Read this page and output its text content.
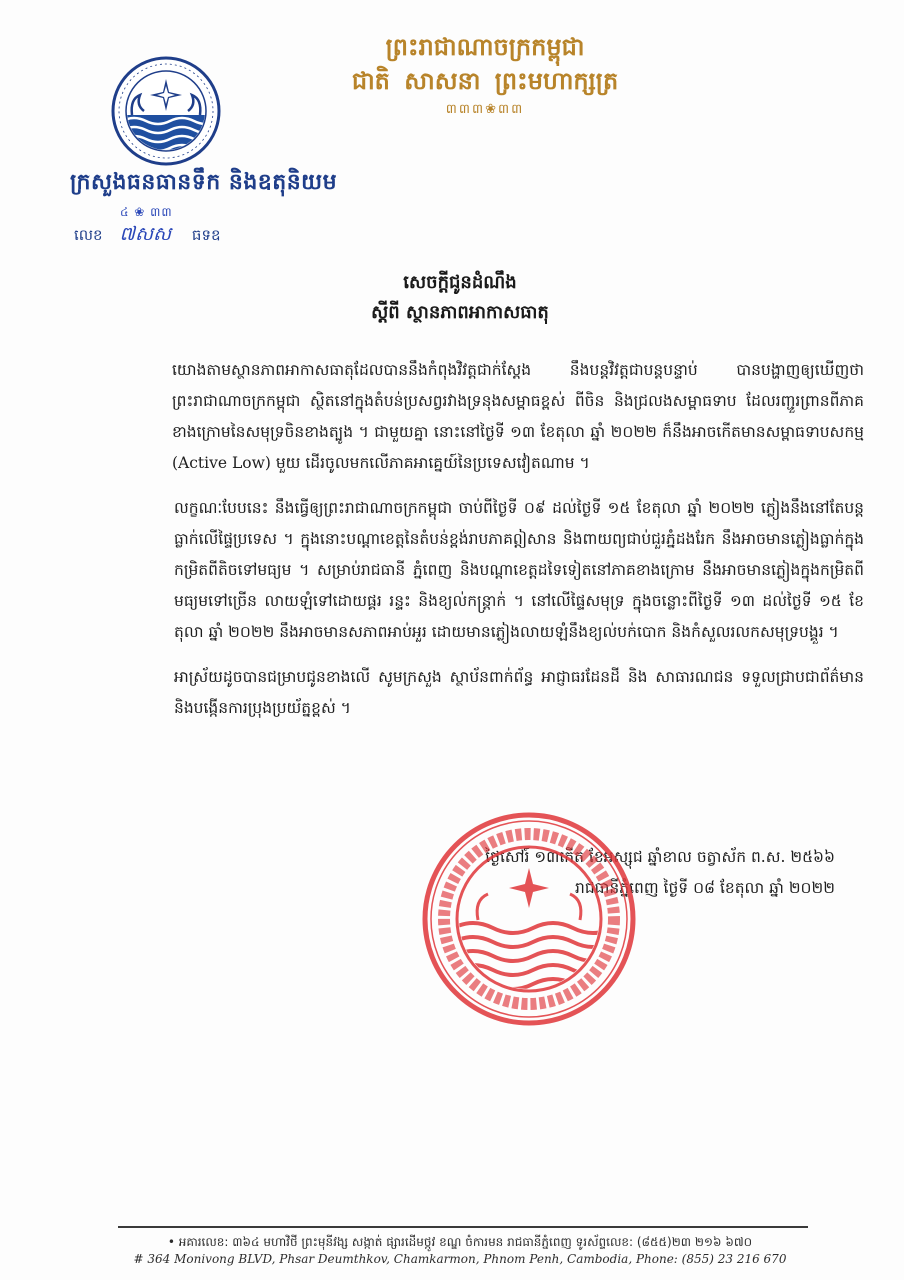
ក្រសួងធនធានទឹក និងឧតុនិយម
៤ ❀ ៣៣
លេខ ៧សស ធទឧ
ព្រះរាជាណាចក្រកម្ពុជា
ជាតិ សាសនា ព្រះមហាក្សត្រ
៣៣៣❀៣៣
សេចក្តីជូនដំណឹង
ស្តីពី ស្ថានភាពអាកាសធាតុ

យោងតាមស្ថានភាពអាកាសធាតុដែលបាននឹងកំពុងវិវត្តជាក់ស្តែង នឹងបន្តវិវត្តជាបន្តបន្ទាប់ បានបង្ហាញឲ្យឃើញថា ព្រះរាជាណាចក្រកម្ពុជា ស្ថិតនៅក្នុងតំបន់ប្រសព្វរវាងទ្រនុងសម្ពាធខ្ពស់ ពីចិន និងជ្រលងសម្ពាធទាប ដែលរញ្ជួរព្រានពីភាគខាងក្រោមនៃសមុទ្រចិនខាងត្បូង ។ ជាមួយគ្នា នោះនៅថ្ងៃទី ១៣ ខែតុលា ឆ្នាំ ២០២២ ក៏នឹងអាចកើតមានសម្ពាធទាបសកម្ម (Active Low) មួយ ដើរចូលមកលើភាគអាគ្នេយ៍នៃប្រទេសវៀតណាម ។

លក្ខណៈបែបនេះ នឹងធ្វើឲ្យព្រះរាជាណាចក្រកម្ពុជា ចាប់ពីថ្ងៃទី ០៩ ដល់ថ្ងៃទី ១៥ ខែតុលា ឆ្នាំ ២០២២ ភ្លៀងនឹងនៅតែបន្តធ្លាក់លើផ្ទៃប្រទេស ។ ក្នុងនោះបណ្តាខេត្តនៃតំបន់ខ្ពង់រាបភាគឦសាន និងពាយព្យជាប់ជួរភ្នំដងរែក នឹងអាចមានភ្លៀងធ្លាក់ក្នុងកម្រិតពីតិចទៅមធ្យម ។ សម្រាប់រាជធានី ភ្នំពេញ និងបណ្តាខេត្តដទៃទៀតនៅភាគខាងក្រោម នឹងអាចមានភ្លៀងក្នុងកម្រិតពីមធ្យមទៅច្រើន លាយឡំទៅដោយផ្គរ រន្ទះ និងខ្យល់កន្ត្រាក់ ។ នៅលើផ្ទៃសមុទ្រ ក្នុងចន្លោះពីថ្ងៃទី ១៣ ដល់ថ្ងៃទី ១៥ ខែតុលា ឆ្នាំ ២០២២ នឹងអាចមានសភាពអាប់អួរ ដោយមានភ្លៀងលាយឡំនឹងខ្យល់បក់បោក និងកំសួលរលកសមុទ្របង្គួរ ។

អាស្រ័យដូចបានជម្រាបជូនខាងលើ សូមក្រសួង ស្ថាប័នពាក់ព័ន្ធ អាជ្ញាធរដែនដី និង សាធារណជន ទទួលជ្រាបជាព័ត៌មាន និងបង្កើនការប្រុងប្រយ័ត្នខ្ពស់ ។

ថ្ងៃសៅរ៍ ១៣កើត ខែអស្សុជ ឆ្នាំខាល ចត្វាស័ក ព.ស. ២៥៦៦
រាជធានីភ្នំពេញ ថ្ងៃទី ០៨ ខែតុលា ឆ្នាំ ២០២២
• អគារលេខ: ៣៦៤ មហាវិថី ព្រះមុនីវង្ស សង្កាត់ ផ្សារដើមថ្កូវ ខណ្ឌ ចំការមន រាជធានីភ្នំពេញ ទូរស័ព្ទលេខ: (៨៥៥)២៣ ២១៦ ៦៧០
# 364 Monivong BLVD, Phsar Deumthkov, Chamkarmon, Phnom Penh, Cambodia, Phone: (855) 23 216 670
